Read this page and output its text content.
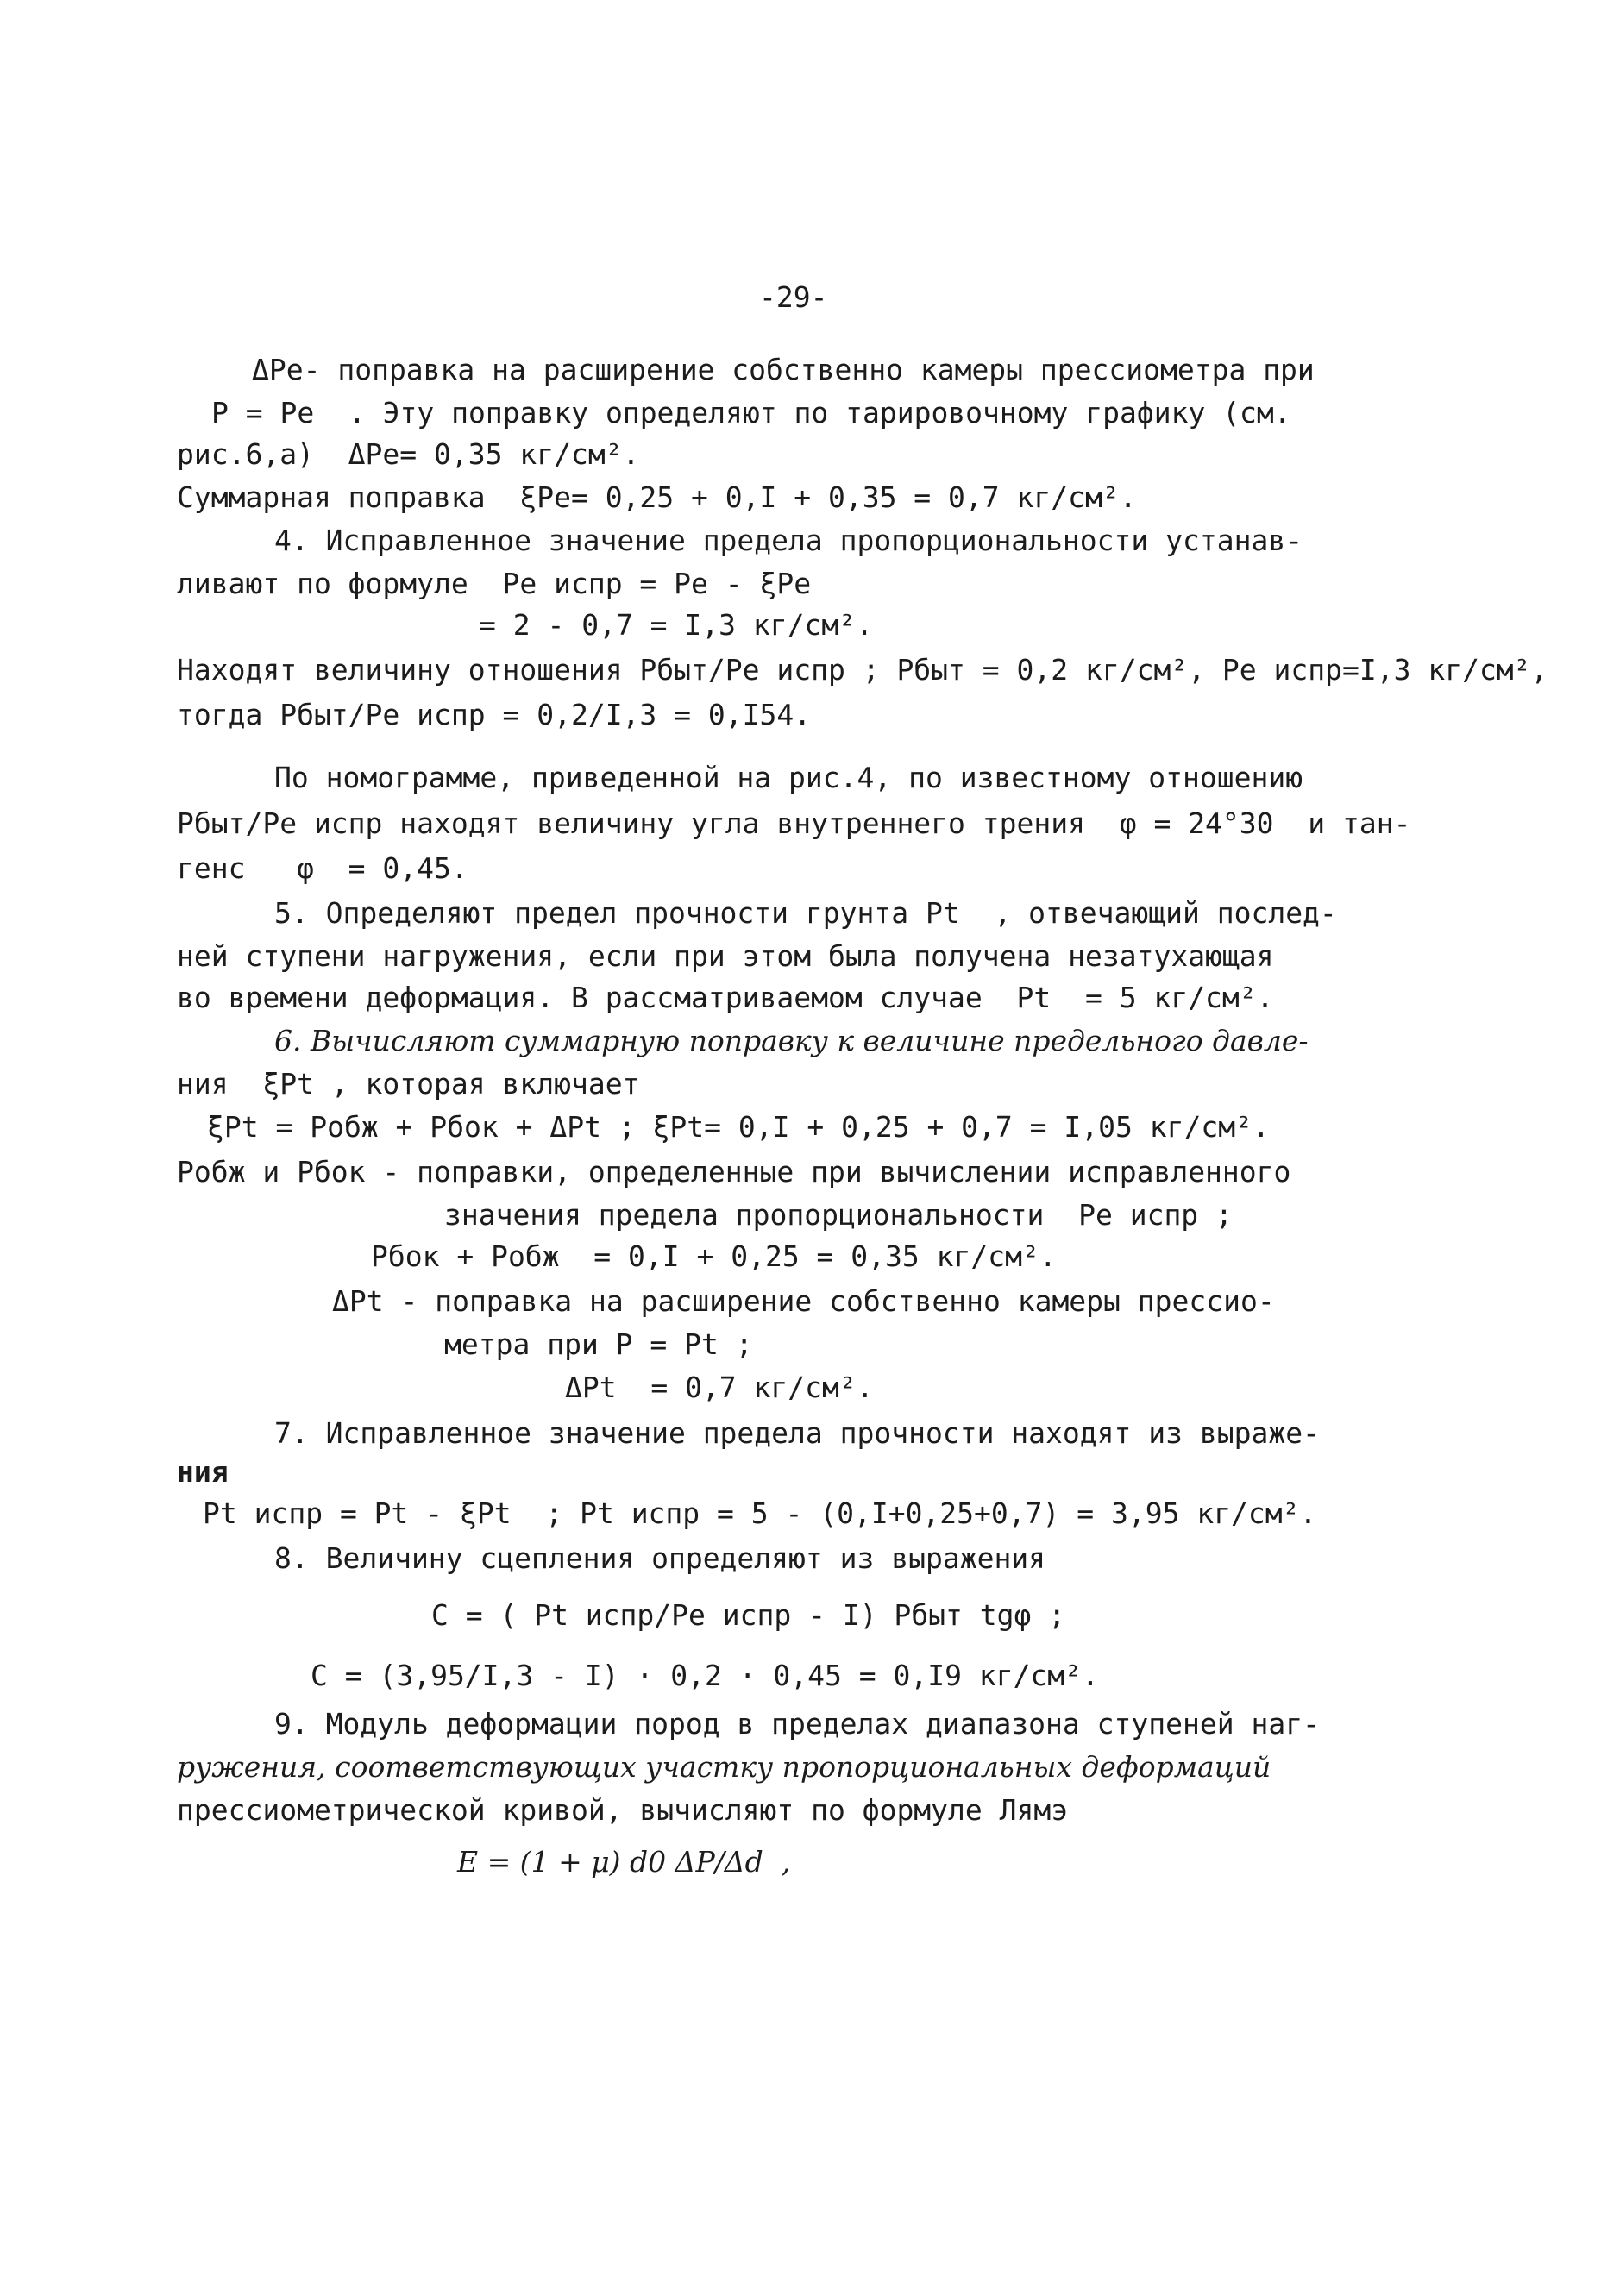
-29-
ΔPe- поправка на расширение собственно камеры прессиометра при
P = Pe  . Эту поправку определяют по тарировочному графику (см.
рис.6,а)  ΔPe= 0,35 кг/см².
Суммарная поправка  ξPe= 0,25 + 0,I + 0,35 = 0,7 кг/см².
4. Исправленное значение предела пропорциональности устанав-
ливают по формуле  Pe испр = Pe - ξPe
= 2 - 0,7 = I,3 кг/см².
Находят величину отношения Pбыт/Pe испр ; Pбыт = 0,2 кг/см², Pe испр=I,3 кг/см²,
тогда Pбыт/Pe испр = 0,2/I,3 = 0,I54.
По номограмме, приведенной на рис.4, по известному отношению
Pбыт/Pe испр находят величину угла внутреннего трения  φ = 24°30  и тан-
генс   φ  = 0,45.
5. Определяют предел прочности грунта Pt  , отвечающий послед-
ней ступени нагружения, если при этом была получена незатухающая
во времени деформация. В рассматриваемом случае  Pt  = 5 кг/см².
6. Вычисляют суммарную поправку к величине предельного давле-
ния  ξPt , которая включает
ξPt = Pобж + Pбок + ΔPt ; ξPt= 0,I + 0,25 + 0,7 = I,05 кг/см².
Pобж и Pбок - поправки, определенные при вычислении исправленного
значения предела пропорциональности  Pe испр ;
Pбок + Pобж  = 0,I + 0,25 = 0,35 кг/см².
ΔPt - поправка на расширение собственно камеры прессио-
метра при P = Pt ;
ΔPt  = 0,7 кг/см².
7. Исправленное значение предела прочности находят из выраже-
ния
Pt испр = Pt - ξPt  ; Pt испр = 5 - (0,I+0,25+0,7) = 3,95 кг/см².
8. Величину сцепления определяют из выражения
C = ( Pt испр/Pe испр - I) Pбыт tgφ ;
C = (3,95/I,3 - I) · 0,2 · 0,45 = 0,I9 кг/см².
9. Модуль деформации пород в пределах диапазона ступеней наг-
ружения, соответствующих участку пропорциональных деформаций
прессиометрической кривой, вычисляют по формуле Лямэ
E = (1 + μ) d0 ΔP/Δd  ,
